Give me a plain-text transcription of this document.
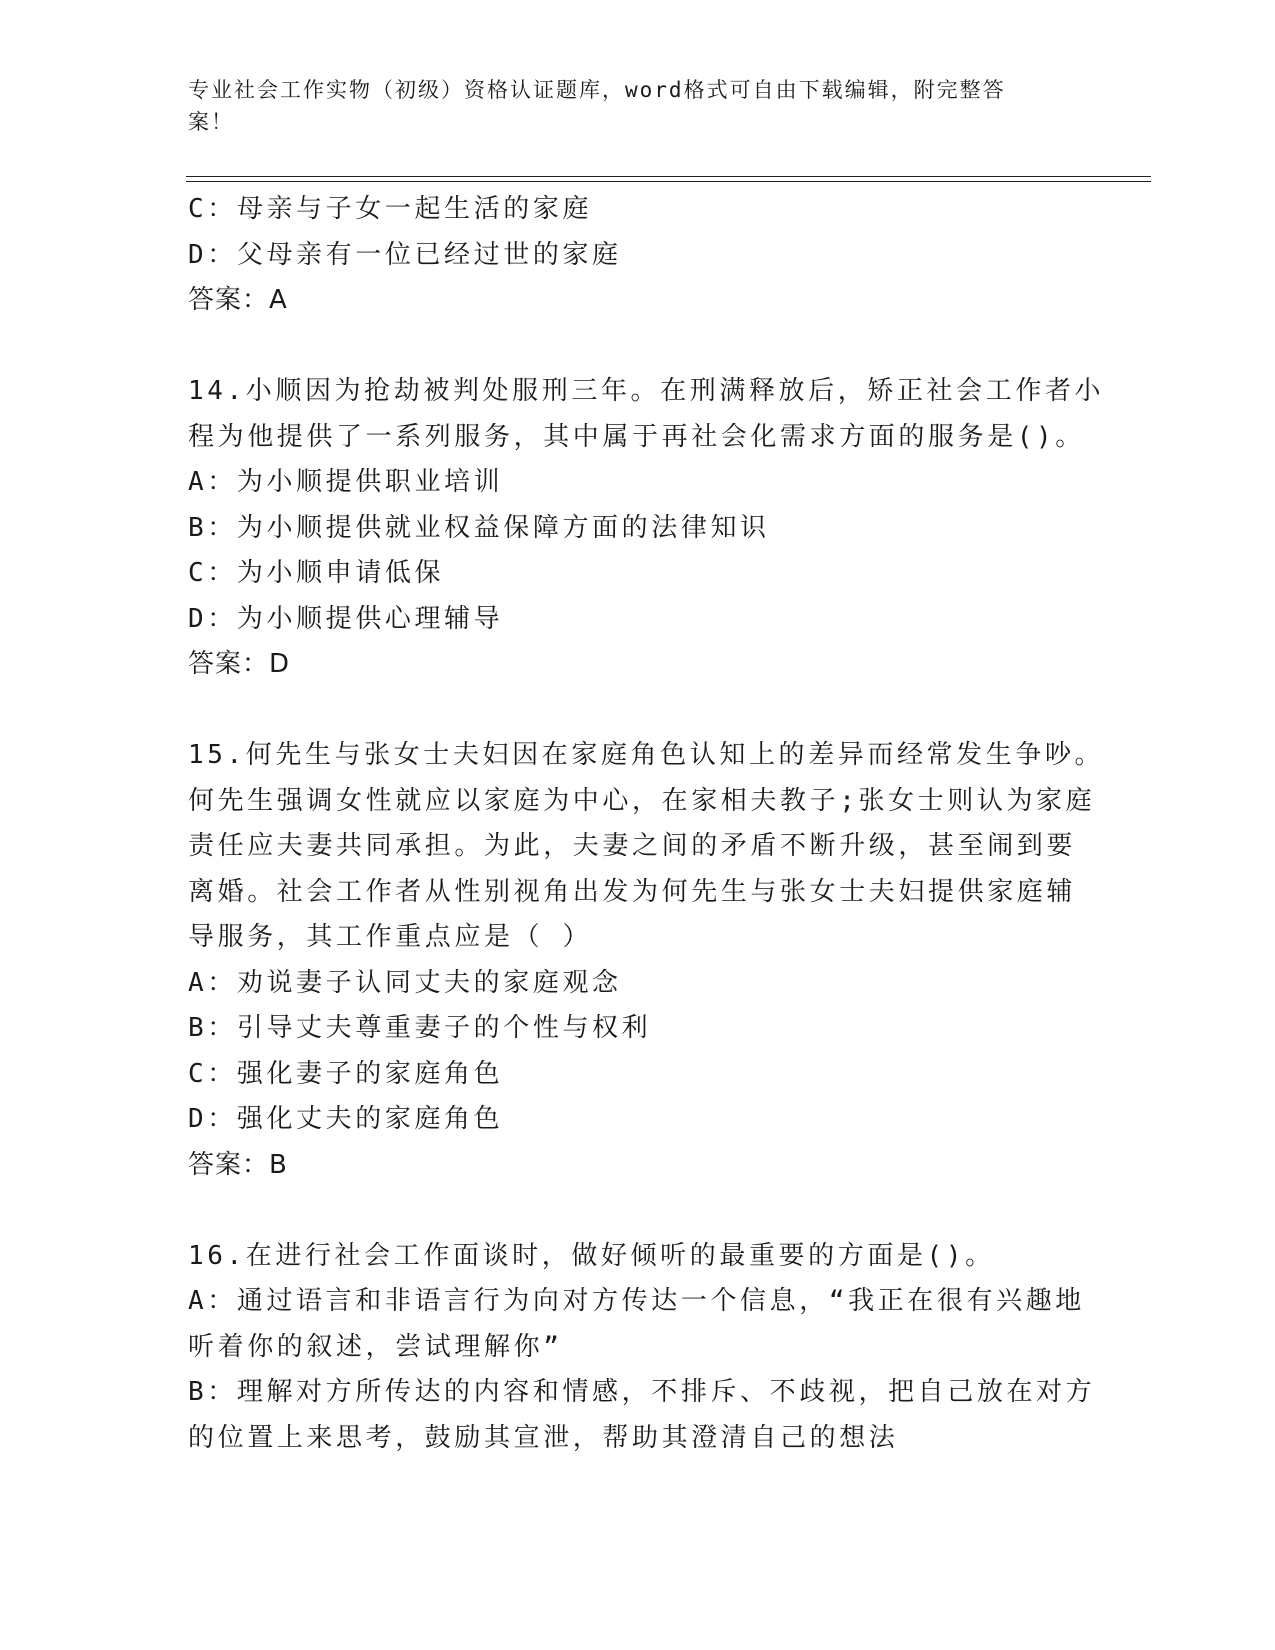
专业社会工作实物（初级）资格认证题库，word格式可自由下载编辑，附完整答
案！
C：母亲与子女一起生活的家庭
D：父母亲有一位已经过世的家庭
答案：A
14.小顺因为抢劫被判处服刑三年。在刑满释放后，矫正社会工作者小
程为他提供了一系列服务，其中属于再社会化需求方面的服务是()。
A：为小顺提供职业培训
B：为小顺提供就业权益保障方面的法律知识
C：为小顺申请低保
D：为小顺提供心理辅导
答案：D
15.何先生与张女士夫妇因在家庭角色认知上的差异而经常发生争吵。
何先生强调女性就应以家庭为中心，在家相夫教子;张女士则认为家庭
责任应夫妻共同承担。为此，夫妻之间的矛盾不断升级，甚至闹到要
离婚。社会工作者从性别视角出发为何先生与张女士夫妇提供家庭辅
导服务，其工作重点应是（ ）
A：劝说妻子认同丈夫的家庭观念
B：引导丈夫尊重妻子的个性与权利
C：强化妻子的家庭角色
D：强化丈夫的家庭角色
答案：B
16.在进行社会工作面谈时，做好倾听的最重要的方面是()。
A：通过语言和非语言行为向对方传达一个信息，“我正在很有兴趣地
听着你的叙述，尝试理解你”
B：理解对方所传达的内容和情感，不排斥、不歧视，把自己放在对方
的位置上来思考，鼓励其宣泄，帮助其澄清自己的想法
